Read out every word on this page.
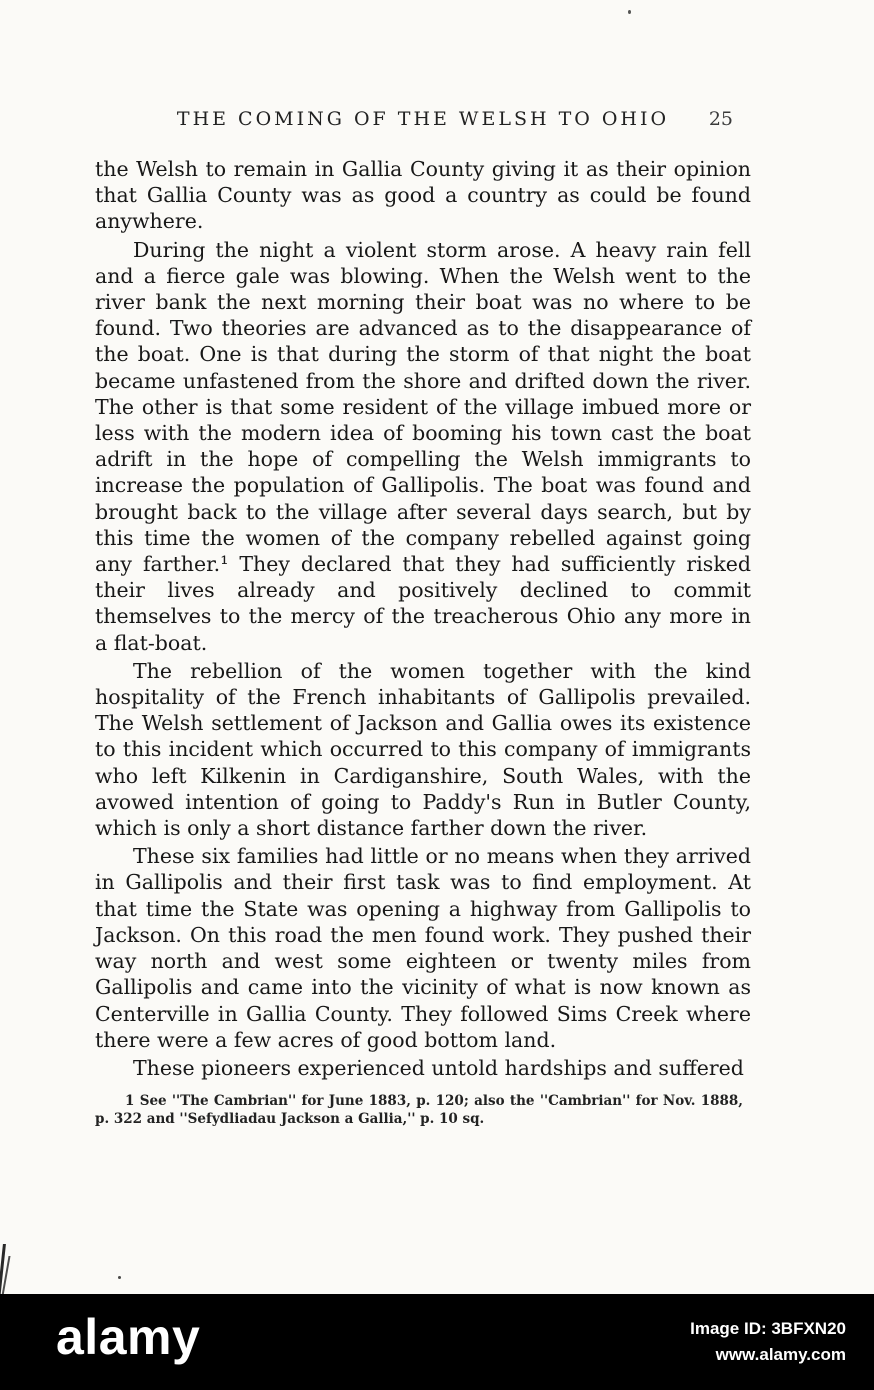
THE COMING OF THE WELSH TO OHIO	25

the Welsh to remain in Gallia County giving it as their opinion that Gallia County was as good a country as could be found anywhere.

During the night a violent storm arose. A heavy rain fell and a fierce gale was blowing. When the Welsh went to the river bank the next morning their boat was no where to be found. Two theories are advanced as to the disappearance of the boat. One is that during the storm of that night the boat became unfastened from the shore and drifted down the river. The other is that some resident of the village imbued more or less with the modern idea of booming his town cast the boat adrift in the hope of compelling the Welsh immigrants to increase the population of Gallipolis. The boat was found and brought back to the village after several days search, but by this time the women of the company rebelled against going any farther.¹ They declared that they had sufficiently risked their lives already and positively declined to commit themselves to the mercy of the treacherous Ohio any more in a flat-boat.

The rebellion of the women together with the kind hospitality of the French inhabitants of Gallipolis prevailed. The Welsh settlement of Jackson and Gallia owes its existence to this incident which occurred to this company of immigrants who left Kilkenin in Cardiganshire, South Wales, with the avowed intention of going to Paddy's Run in Butler County, which is only a short distance farther down the river.

These six families had little or no means when they arrived in Gallipolis and their first task was to find employment. At that time the State was opening a highway from Gallipolis to Jackson. On this road the men found work. They pushed their way north and west some eighteen or twenty miles from Gallipolis and came into the vicinity of what is now known as Centerville in Gallia County. They followed Sims Creek where there were a few acres of good bottom land.

These pioneers experienced untold hardships and suffered

1 See ''The Cambrian'' for June 1883, p. 120; also the ''Cambrian'' for Nov. 1888, p. 322 and ''Sefydliadau Jackson a Gallia,'' p. 10 sq.

alamy	Image ID: 3BFXN20
www.alamy.com
